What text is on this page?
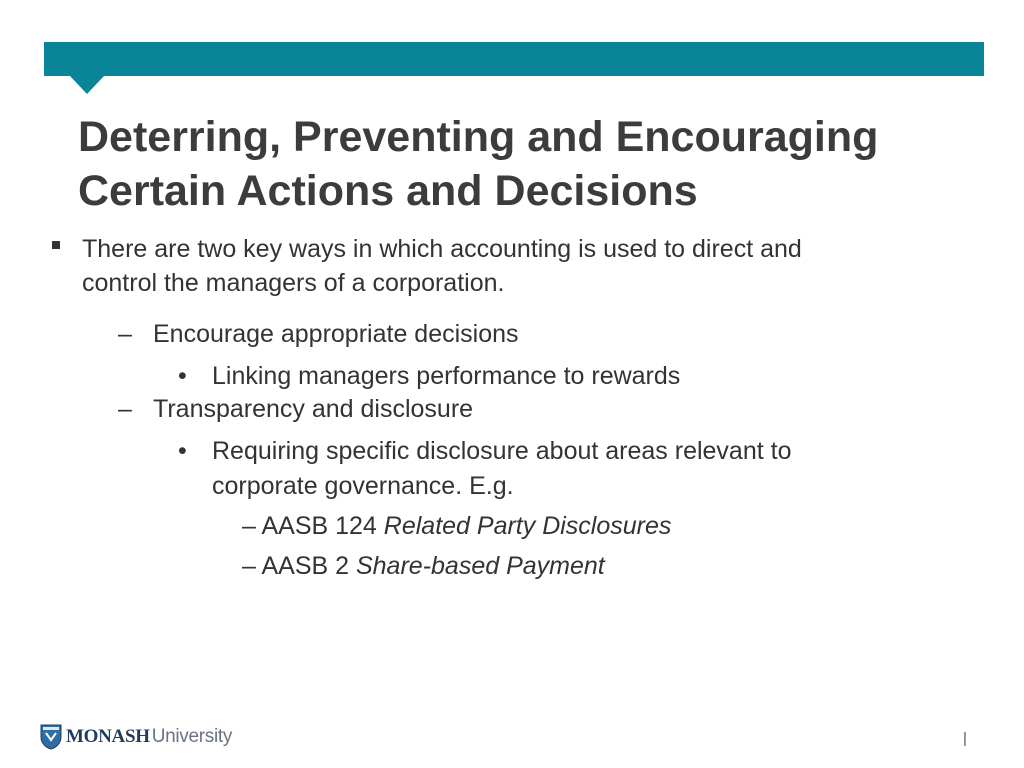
Deterring, Preventing and Encouraging
Certain Actions and Decisions
There are two key ways in which accounting is used to direct and
control the managers of a corporation.
– Encourage appropriate decisions
• Linking managers performance to rewards
– Transparency and disclosure
• Requiring specific disclosure about areas relevant to
corporate governance. E.g.
– AASB 124 Related Party Disclosures
– AASB 2 Share-based Payment
MONASH University	|
